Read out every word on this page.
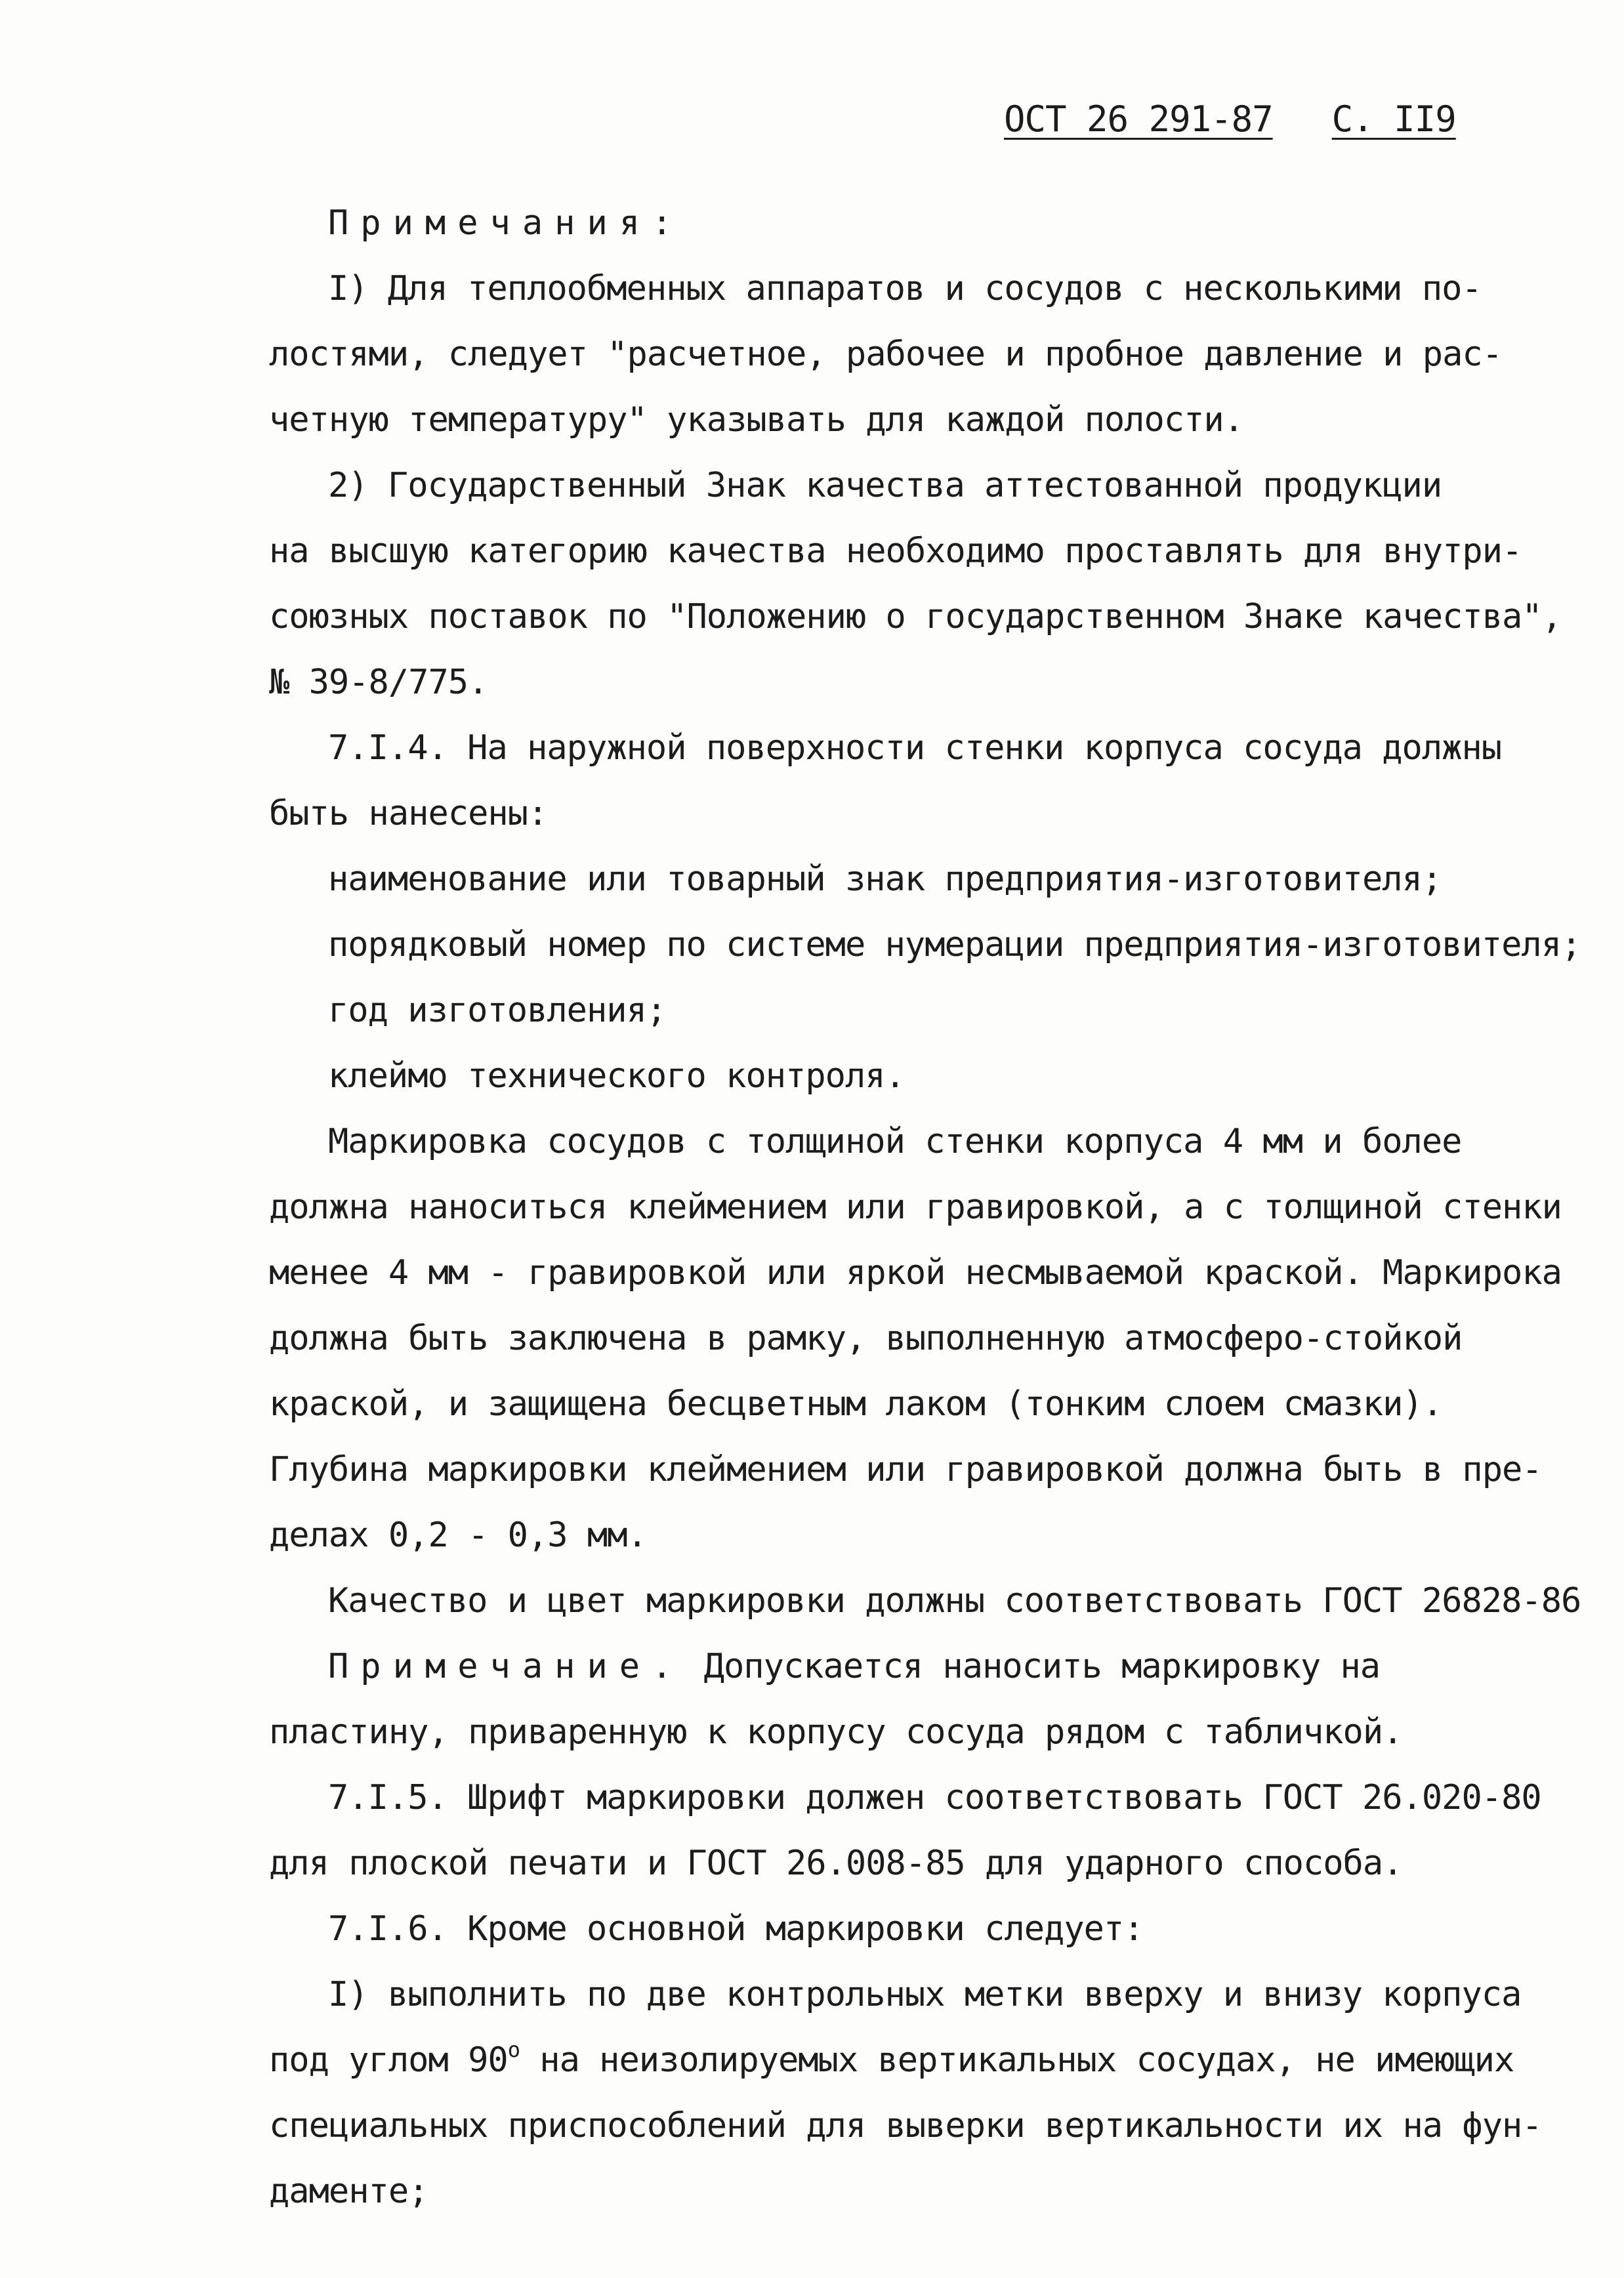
ОСТ 26 291-87 С. II9
Примечания:
I) Для теплообменных аппаратов и сосудов с несколькими по-
лостями, следует "расчетное, рабочее и пробное давление и рас-
четную температуру" указывать для каждой полости.
2) Государственный Знак качества аттестованной продукции
на высшую категорию качества необходимо проставлять для внутри-
союзных поставок по "Положению о государственном Знаке качества",
№ 39-8/775.
7.I.4. На наружной поверхности стенки корпуса сосуда должны
быть нанесены:
наименование или товарный знак предприятия-изготовителя;
порядковый номер по системе нумерации предприятия-изготовителя;
год изготовления;
клеймо технического контроля.
Маркировка сосудов с толщиной стенки корпуса 4 мм и более
должна наноситься клеймением или гравировкой, а с толщиной стенки
менее 4 мм - гравировкой или яркой несмываемой краской. Маркирока
должна быть заключена в рамку, выполненную атмосферо-стойкой
краской, и защищена бесцветным лаком (тонким слоем смазки).
Глубина маркировки клеймением или гравировкой должна быть в пре-
делах 0,2 - 0,3 мм.
Качество и цвет маркировки должны соответствовать ГОСТ 26828-86
Примечание. Допускается наносить маркировку на
пластину, приваренную к корпусу сосуда рядом с табличкой.
7.I.5. Шрифт маркировки должен соответствовать ГОСТ 26.020-80
для плоской печати и ГОСТ 26.008-85 для ударного способа.
7.I.6. Кроме основной маркировки следует:
I) выполнить по две контрольных метки вверху и внизу корпуса
под углом $90^о$ на неизолируемых вертикальных сосудах, не имеющих
специальных приспособлений для выверки вертикальности их на фун-
даменте;
